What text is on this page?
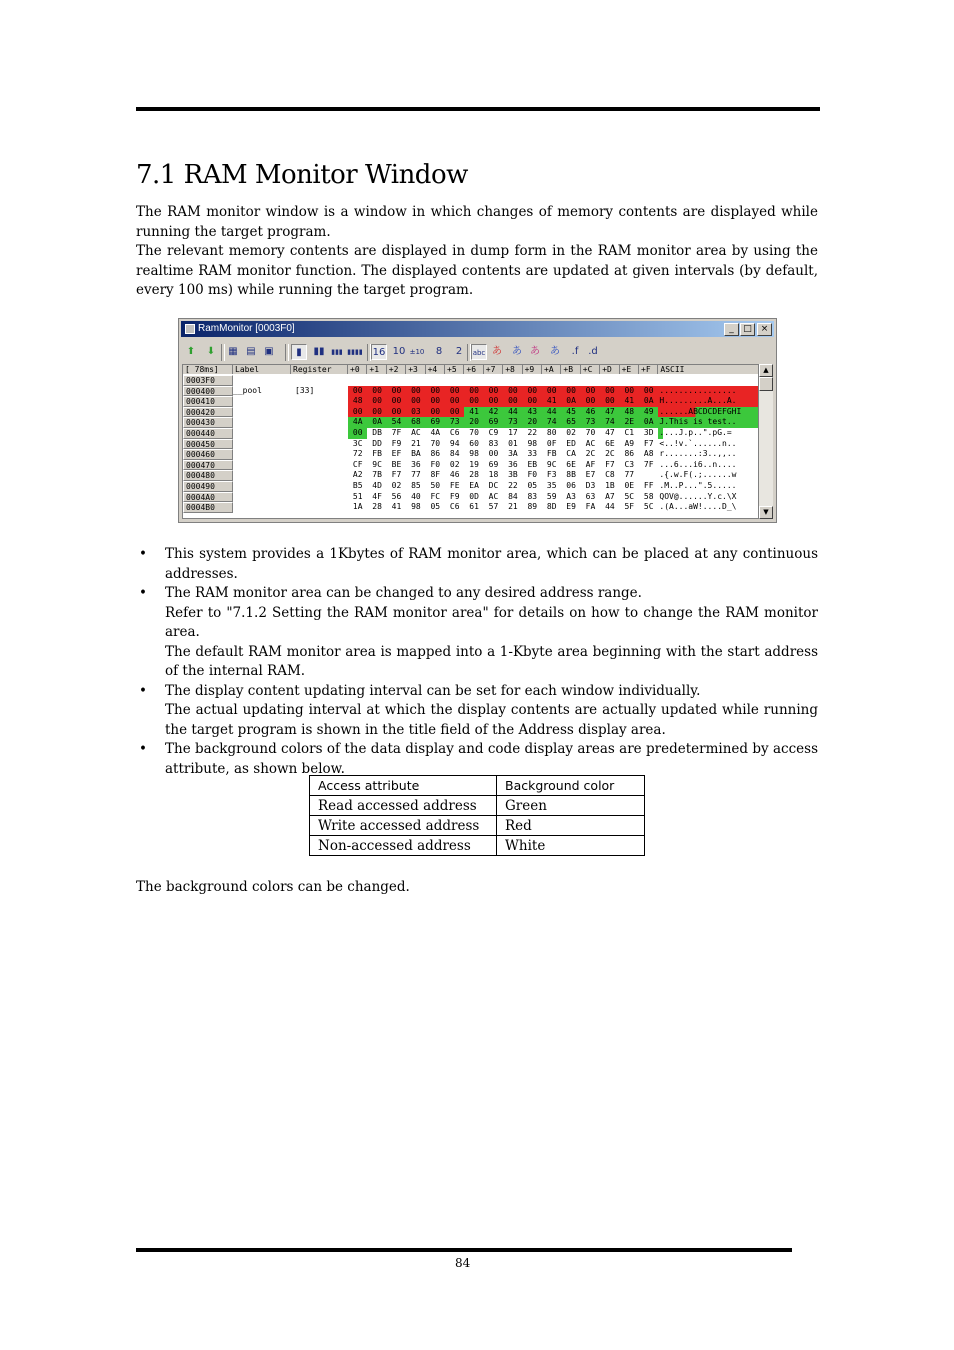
7.1 RAM Monitor Window

The RAM monitor window is a window in which changes of memory contents are displayed while running the target program.

The relevant memory contents are displayed in dump form in the RAM monitor area by using the realtime RAM monitor function. The displayed contents are updated at given intervals (by default, every 100 ms) while running the target program.

RamMonitor [0003F0]	_ □ ×
⬆	⬇	▦ ▤ ▣	▮	▮▮ ▮▮▮ ▮▮▮▮ 16 10 ±10	8	2	abc あ	あ あ	あ	.f .d
[ 78ms]	Label	Register	+0	+1	+2	+3	+4	+5	+6	+7	+8	+9	+A	+B	+C	+D	+E	+F	ASCII
__pool	[33]
0003F0
000400	00	00	00	00	00	00	00	00	00	00	00	00	00	00	00	00 ................
000410	48	00	00	00	00	00	00	00	00	00	41	0A	00	00	41	0A H.........A...A.
000420	00	00	00	03	00	00	41	42	44	43	44	45	46	47	48	49 ......ABCDCDEFGHI
000430	4A	0A	54	68	69	73	20	69	73	20	74	65	73	74	2E	0A J.This is test..
000440	00	DB	7F	AC	4A	C6	70	C9	17	22	80	02	70	47	C1	3D ....J.p..".pG.=
000450	3C	DD	F9	21	70	94	60	83	01	98	0F	ED	AC	6E	A9	F7 <..!v.`......n..
000460	72	FB	EF	BA	86	84	98	00	3A	33	FB	CA	2C	2C	86	A8 r.......:3..,,..
000470	CF	9C	BE	36	F0	02	19	69	36	EB	9C	6E	AF	F7	C3	7F ...6...i6..n....
000480	A2	7B	F7	77	8F	46	28	18	3B	F0	F3	8B	E7	C8	77	.{.w.F(.;......w
000490	B5	4D	02	85	50	FE	EA	DC	22	05	35	06	D3	1B	0E	FF .M..P...".5.....
0004A0	51	4F	56	40	FC	F9	0D	AC	84	83	59	A3	63	A7	5C	58 QOV@......Y.c.\X
0004B0	1A	28	41	98	05	C6	61	57	21	89	8D	E9	FA	44	5F	5C .(A...aW!....D_\
▲
▼
• This system provides a 1Kbytes of RAM monitor area, which can be placed at any continuous addresses.
• The RAM monitor area can be changed to any desired address range.
Refer to "7.1.2 Setting the RAM monitor area" for details on how to change the RAM monitor area.
The default RAM monitor area is mapped into a 1-Kbyte area beginning with the start address of the internal RAM.
• The display content updating interval can be set for each window individually.
The actual updating interval at which the display contents are actually updated while running the target program is shown in the title field of the Address display area.
• The background colors of the data display and code display areas are predetermined by access attribute, as shown below.
Access attribute	Background color
Read accessed address	Green
Write accessed address	Red
Non-accessed address	White

The background colors can be changed.

84
